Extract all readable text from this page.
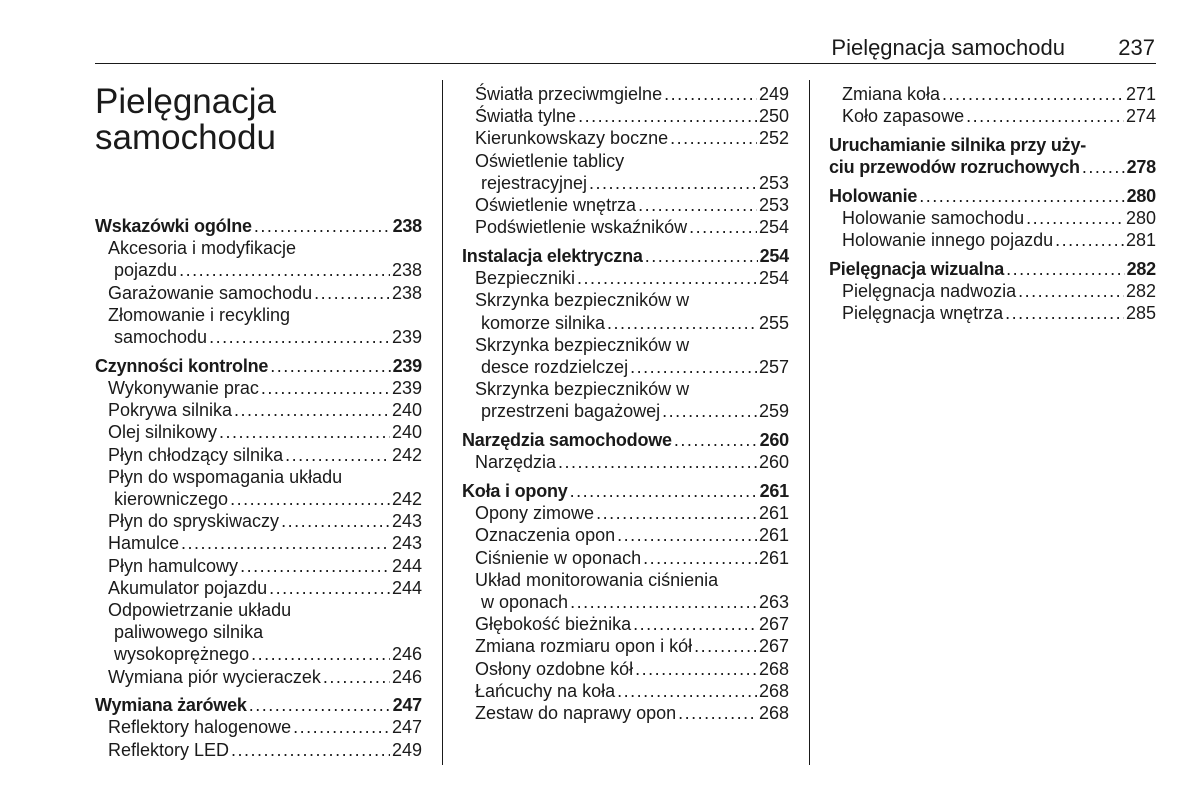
Pielęgnacja samochodu	237
Pielęgnacja
samochodu
Wskazówki ogólne .....	238
Akcesoria i modyfikacje
pojazdu .....	238
Garażowanie samochodu .....	238
Złomowanie i recykling
samochodu .....	239
Czynności kontrolne .....	239
Wykonywanie prac .....	239
Pokrywa silnika .....	240
Olej silnikowy .....	240
Płyn chłodzący silnika .....	242
Płyn do wspomagania układu
kierowniczego .....	242
Płyn do spryskiwaczy .....	243
Hamulce .....	243
Płyn hamulcowy .....	244
Akumulator pojazdu .....	244
Odpowietrzanie układu
paliwowego silnika
wysokoprężnego .....	246
Wymiana piór wycieraczek .....	246
Wymiana żarówek .....	247
Reflektory halogenowe .....	247
Reflektory LED .....	249
Światła przeciwmgielne .....	249
Światła tylne .....	250
Kierunkowskazy boczne .....	252
Oświetlenie tablicy
rejestracyjnej .....	253
Oświetlenie wnętrza .....	253
Podświetlenie wskaźników .....	254
Instalacja elektryczna .....	254
Bezpieczniki .....	254
Skrzynka bezpieczników w
komorze silnika .....	255
Skrzynka bezpieczników w
desce rozdzielczej .....	257
Skrzynka bezpieczników w
przestrzeni bagażowej .....	259
Narzędzia samochodowe .....	260
Narzędzia .....	260
Koła i opony .....	261
Opony zimowe .....	261
Oznaczenia opon .....	261
Ciśnienie w oponach .....	261
Układ monitorowania ciśnienia
w oponach .....	263
Głębokość bieżnika .....	267
Zmiana rozmiaru opon i kół .....	267
Osłony ozdobne kół .....	268
Łańcuchy na koła .....	268
Zestaw do naprawy opon .....	268
Zmiana koła .....	271
Koło zapasowe .....	274
Uruchamianie silnika przy uży-
ciu przewodów rozruchowych .....	278
Holowanie .....	280
Holowanie samochodu .....	280
Holowanie innego pojazdu .....	281
Pielęgnacja wizualna .....	282
Pielęgnacja nadwozia .....	282
Pielęgnacja wnętrza .....	285
